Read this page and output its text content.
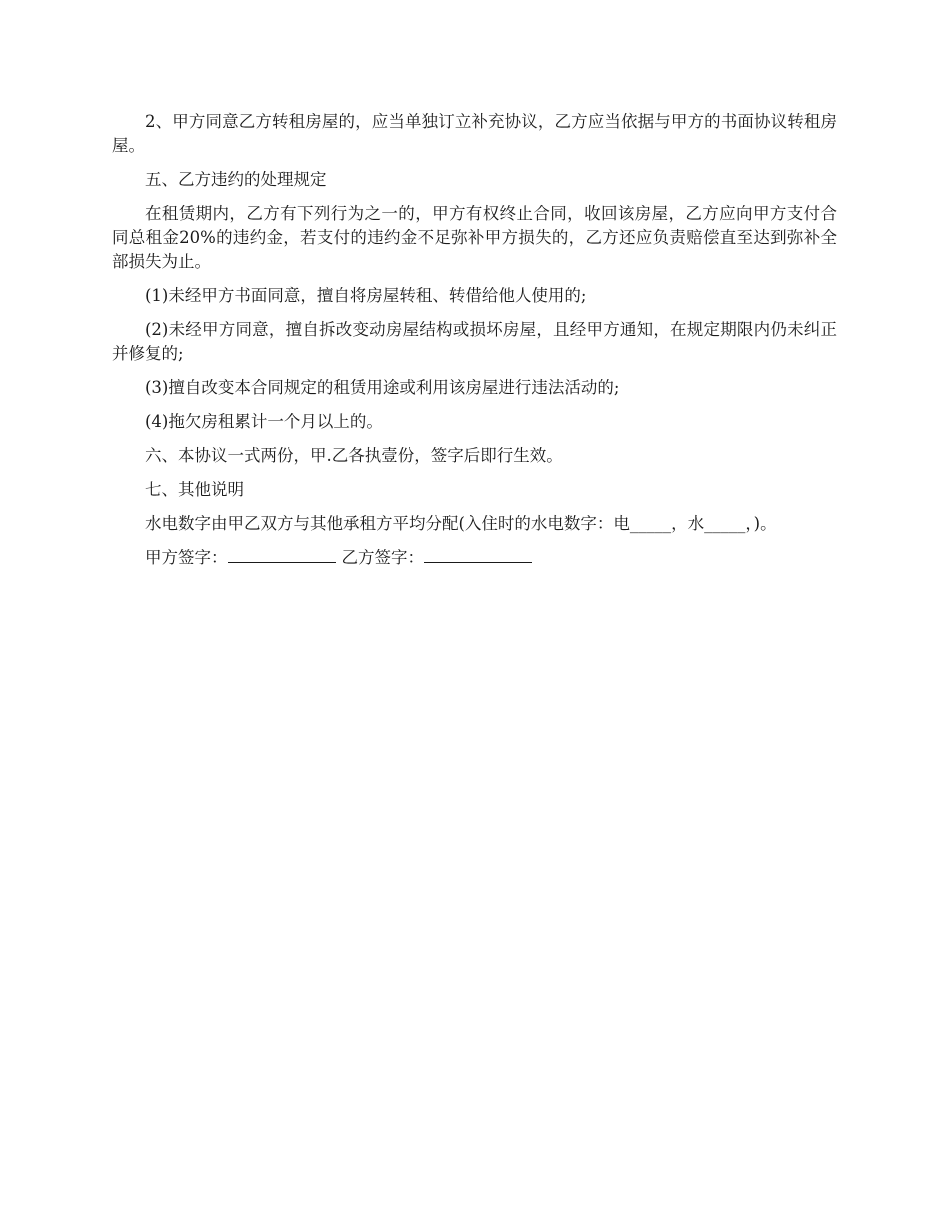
2、甲方同意乙方转租房屋的，应当单独订立补充协议，乙方应当依据与甲方的书面协议转租房屋。

五、乙方违约的处理规定

在租赁期内，乙方有下列行为之一的，甲方有权终止合同，收回该房屋，乙方应向甲方支付合同总租金20%的违约金，若支付的违约金不足弥补甲方损失的，乙方还应负责赔偿直至达到弥补全部损失为止。

(1)未经甲方书面同意，擅自将房屋转租、转借给他人使用的;

(2)未经甲方同意，擅自拆改变动房屋结构或损坏房屋，且经甲方通知，在规定期限内仍未纠正并修复的;

(3)擅自改变本合同规定的租赁用途或利用该房屋进行违法活动的;

(4)拖欠房租累计一个月以上的。

六、本协议一式两份，甲.乙各执壹份，签字后即行生效。

七、其他说明

水电数字由甲乙双方与其他承租方平均分配(入住时的水电数字：电_____，水_____，)。

甲方签字：	乙方签字：
